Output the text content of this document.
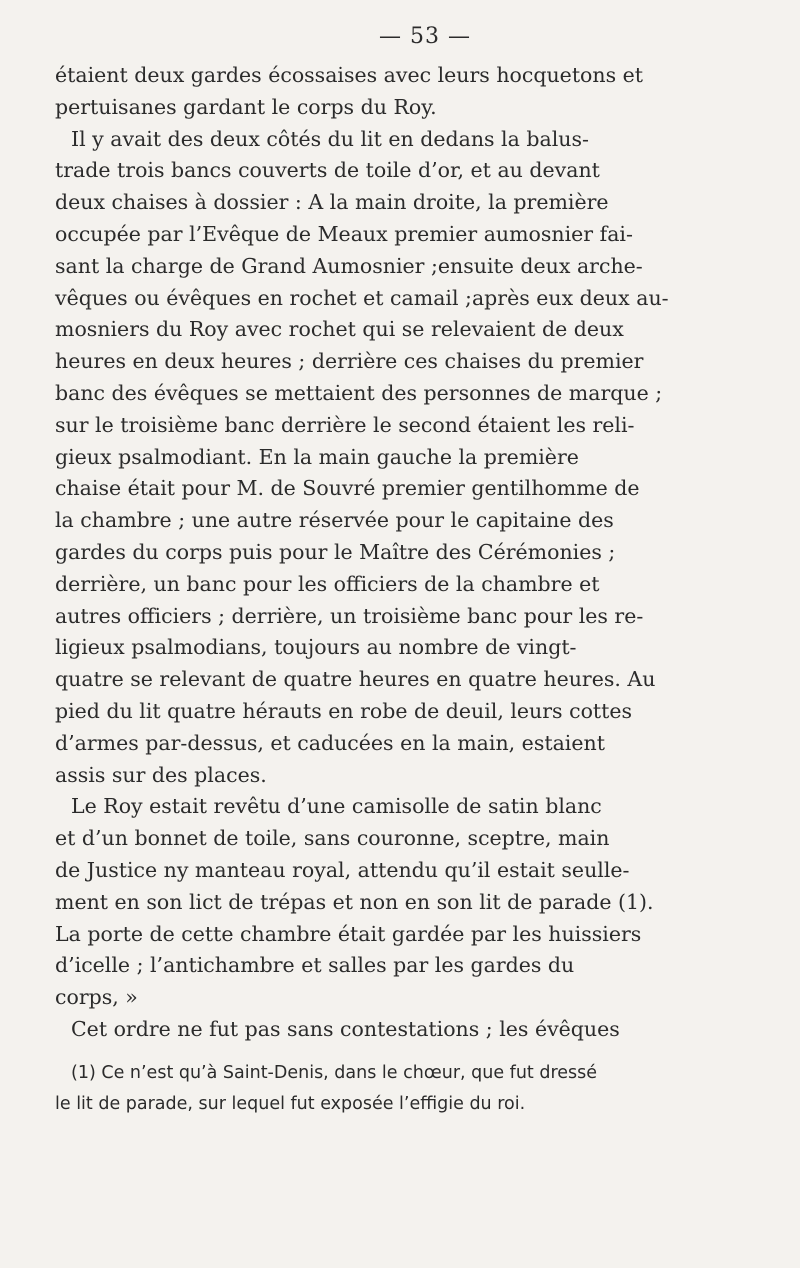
— 53 —
étaient deux gardes écossaises avec leurs hocquetons et
pertuisanes gardant le corps du Roy.
Il y avait des deux côtés du lit en dedans la balus-
trade trois bancs couverts de toile d’or, et au devant
deux chaises à dossier : A la main droite, la première
occupée par l’Evêque de Meaux premier aumosnier fai-
sant la charge de Grand Aumosnier ;ensuite deux arche-
vêques ou évêques en rochet et camail ;après eux deux au-
mosniers du Roy avec rochet qui se relevaient de deux
heures en deux heures ; derrière ces chaises du premier
banc des évêques se mettaient des personnes de marque ;
sur le troisième banc derrière le second étaient les reli-
gieux psalmodiant. En la main gauche la première
chaise était pour M. de Souvré premier gentilhomme de
la chambre ; une autre réservée pour le capitaine des
gardes du corps puis pour le Maître des Cérémonies ;
derrière, un banc pour les officiers de la chambre et
autres officiers ; derrière, un troisième banc pour les re-
ligieux psalmodians, toujours au nombre de vingt-
quatre se relevant de quatre heures en quatre heures. Au
pied du lit quatre hérauts en robe de deuil, leurs cottes
d’armes par-dessus, et caducées en la main, estaient
assis sur des places.
Le Roy estait revêtu d’une camisolle de satin blanc
et d’un bonnet de toile, sans couronne, sceptre, main
de Justice ny manteau royal, attendu qu’il estait seulle-
ment en son lict de trépas et non en son lit de parade (1).
La porte de cette chambre était gardée par les huissiers
d’icelle ; l’antichambre et salles par les gardes du
corps, »
Cet ordre ne fut pas sans contestations ; les évêques
(1) Ce n’est qu’à Saint-Denis, dans le chœur, que fut dressé
le lit de parade, sur lequel fut exposée l’effigie du roi.
